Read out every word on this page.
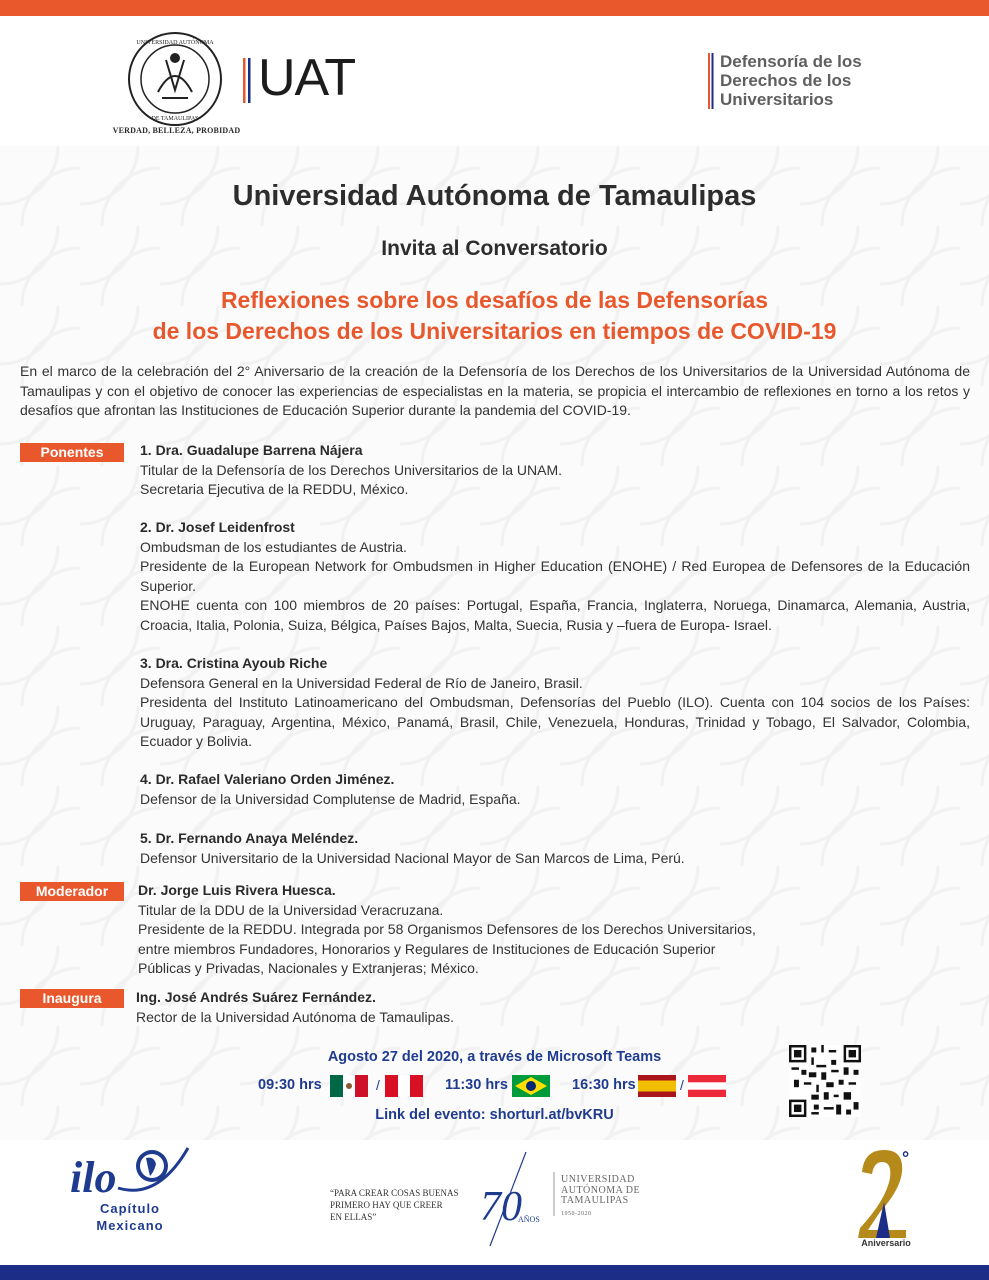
UNIVERSIDAD AUTÓNOMA
DE TAMAULIPAS
VERDAD, BELLEZA, PROBIDAD
UAT	Defensoría de los
Derechos de los
Universitarios
Universidad Autónoma de Tamaulipas
Invita al Conversatorio
Reflexiones sobre los desafíos de las Defensorías
de los Derechos de los Universitarios en tiempos de COVID-19
En el marco de la celebración del 2° Aniversario de la creación de la Defensoría de los Derechos de los Universitarios de la Universidad Autónoma de Tamaulipas y con el objetivo de conocer las experiencias de especialistas en la materia, se propicia el intercambio de reflexiones en torno a los retos y desafíos que afrontan las Instituciones de Educación Superior durante la pandemia del COVID-19.
Ponentes	1. Dra. Guadalupe Barrena Nájera
Titular de la Defensoría de los Derechos Universitarios de la UNAM.
Secretaria Ejecutiva de la REDDU, México.
2. Dr. Josef Leidenfrost
Ombudsman de los estudiantes de Austria.
Presidente de la European Network for Ombudsmen in Higher Education (ENOHE) / Red Europea de Defensores de la Educación Superior.
ENOHE cuenta con 100 miembros de 20 países: Portugal, España, Francia, Inglaterra, Noruega, Dinamarca, Alemania, Austria, Croacia, Italia, Polonia, Suiza, Bélgica, Países Bajos, Malta, Suecia, Rusia y –fuera de Europa- Israel.
3. Dra. Cristina Ayoub Riche
Defensora General en la Universidad Federal de Río de Janeiro, Brasil.
Presidenta del Instituto Latinoamericano del Ombudsman, Defensorías del Pueblo (ILO). Cuenta con 104 socios de los Países: Uruguay, Paraguay, Argentina, México, Panamá, Brasil, Chile, Venezuela, Honduras, Trinidad y Tobago, El Salvador, Colombia, Ecuador y Bolivia.
4. Dr. Rafael Valeriano Orden Jiménez.
Defensor de la Universidad Complutense de Madrid, España.
5. Dr. Fernando Anaya Meléndez.
Defensor Universitario de la Universidad Nacional Mayor de San Marcos de Lima, Perú.
Moderador	Dr. Jorge Luis Rivera Huesca.
Titular de la DDU de la Universidad Veracruzana.
Presidente de la REDDU. Integrada por 58 Organismos Defensores de los Derechos Universitarios,
entre miembros Fundadores, Honorarios y Regulares de Instituciones de Educación Superior
Públicas y Privadas, Nacionales y Extranjeras; México.
Inaugura	Ing. José Andrés Suárez Fernández.
Rector de la Universidad Autónoma de Tamaulipas.
Agosto 27 del 2020, a través de Microsoft Teams
09:30 hrs	/	11:30 hrs	16:30 hrs	/
Link del evento: shorturl.at/bvKRU
ilo
Capítulo
Mexicano
“PARA CREAR COSAS BUENAS
PRIMERO HAY QUE CREER
EN ELLAS”	70
AÑOS
UNIVERSIDAD
AUTÓNOMA DE
TAMAULIPAS
1950-2020
°
Aniversario
